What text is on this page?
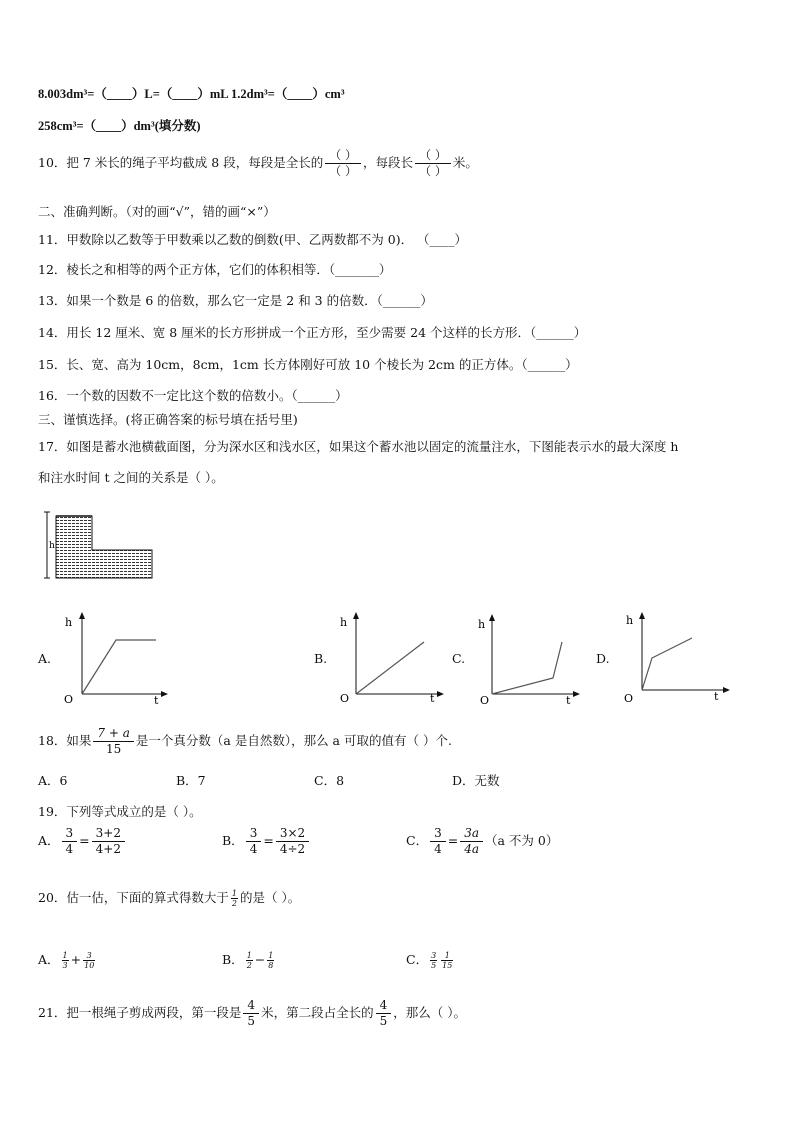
8.003dm³=（____）L=（____）mL 1.2dm³=（____）cm³
258cm³=（____）dm³(填分数)
10．把 7 米长的绳子平均截成 8 段，每段是全长的 $\frac{( )}{( )}$ ，每段长 $\frac{( )}{( )}$ 米。
二、准确判断。（对的画“√”，错的画“×”）
11．甲数除以乙数等于甲数乘以乙数的倒数(甲、乙两数都不为 0)． （____）
12．棱长之和相等的两个正方体，它们的体积相等．（_______）
13．如果一个数是 6 的倍数，那么它一定是 2 和 3 的倍数．（______）
14．用长 12 厘米、宽 8 厘米的长方形拼成一个正方形，至少需要 24 个这样的长方形．（______）
15．长、宽、高为 10cm，8cm，1cm 长方体刚好可放 10 个棱长为 2cm 的正方体。（______）
16．一个数的因数不一定比这个数的倍数小。（______）
三、谨慎选择。(将正确答案的标号填在括号里)
17．如图是蓄水池横截面图，分为深水区和浅水区，如果这个蓄水池以固定的流量注水，下图能表示水的最大深度 h
和注水时间 t 之间的关系是（ ）。
h
A.
h
t
O
B.
h
t
O
C.
h
t
O
D.
h
t
O
18．如果 $\frac{7 + a}{15}$ 是一个真分数（a 是自然数），那么 a 可取的值有（ ）个.
A．6	B．7	C．8	D．无数
19．下列等式成立的是（ ）。
A． $\frac{3}{4} = \frac{3+2}{4+2}$	B． $\frac{3}{4} = \frac{3\times 2}{4\div 2}$	C． $\frac{3}{4} = \frac{3a}{4a} (a$ 不为 0）
20．估一估，下面的算式得数大于 $\frac{1}{2}$ 的是（ ）。
A． $\frac{1}{3} + \frac{3}{10}$	B． $\frac{1}{2} - \frac{1}{8}$	C． $\frac{3}{5} \frac{1}{15}$
21．把一根绳子剪成两段，第一段是 $\frac{4}{5}$ 米，第二段占全长的 $\frac{4}{5}$ ，那么（ ）。
